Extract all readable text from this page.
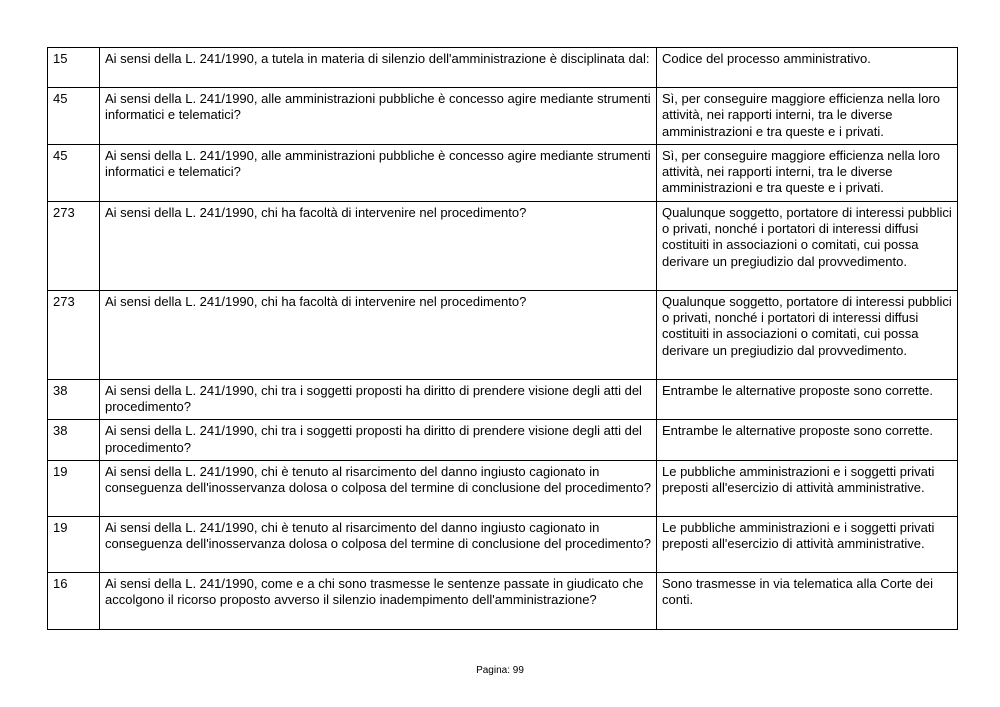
15	Ai sensi della L. 241/1990, a tutela in materia di silenzio dell'amministrazione è disciplinata dal:	Codice del processo amministrativo.
45	Ai sensi della L. 241/1990, alle amministrazioni pubbliche è concesso agire mediante strumenti informatici e telematici?	Sì, per conseguire maggiore efficienza nella loro attività, nei rapporti interni, tra le diverse amministrazioni e tra queste e i privati.
45	Ai sensi della L. 241/1990, alle amministrazioni pubbliche è concesso agire mediante strumenti informatici e telematici?	Sì, per conseguire maggiore efficienza nella loro attività, nei rapporti interni, tra le diverse amministrazioni e tra queste e i privati.
273	Ai sensi della L. 241/1990, chi ha facoltà di intervenire nel procedimento?	Qualunque soggetto, portatore di interessi pubblici o privati, nonché i portatori di interessi diffusi costituiti in associazioni o comitati, cui possa derivare un pregiudizio dal provvedimento.
273	Ai sensi della L. 241/1990, chi ha facoltà di intervenire nel procedimento?	Qualunque soggetto, portatore di interessi pubblici o privati, nonché i portatori di interessi diffusi costituiti in associazioni o comitati, cui possa derivare un pregiudizio dal provvedimento.
38	Ai sensi della L. 241/1990, chi tra i soggetti proposti ha diritto di prendere visione degli atti del procedimento?	Entrambe le alternative proposte sono corrette.
38	Ai sensi della L. 241/1990, chi tra i soggetti proposti ha diritto di prendere visione degli atti del procedimento?	Entrambe le alternative proposte sono corrette.
19	Ai sensi della L. 241/1990, chi è tenuto al risarcimento del danno ingiusto cagionato in conseguenza dell'inosservanza dolosa o colposa del termine di conclusione del procedimento?	Le pubbliche amministrazioni e i soggetti privati preposti all'esercizio di attività amministrative.
19	Ai sensi della L. 241/1990, chi è tenuto al risarcimento del danno ingiusto cagionato in conseguenza dell'inosservanza dolosa o colposa del termine di conclusione del procedimento?	Le pubbliche amministrazioni e i soggetti privati preposti all'esercizio di attività amministrative.
16	Ai sensi della L. 241/1990, come e a chi sono trasmesse le sentenze passate in giudicato che accolgono il ricorso proposto avverso il silenzio inadempimento dell'amministrazione?	Sono trasmesse in via telematica alla Corte dei conti.
Pagina: 99
